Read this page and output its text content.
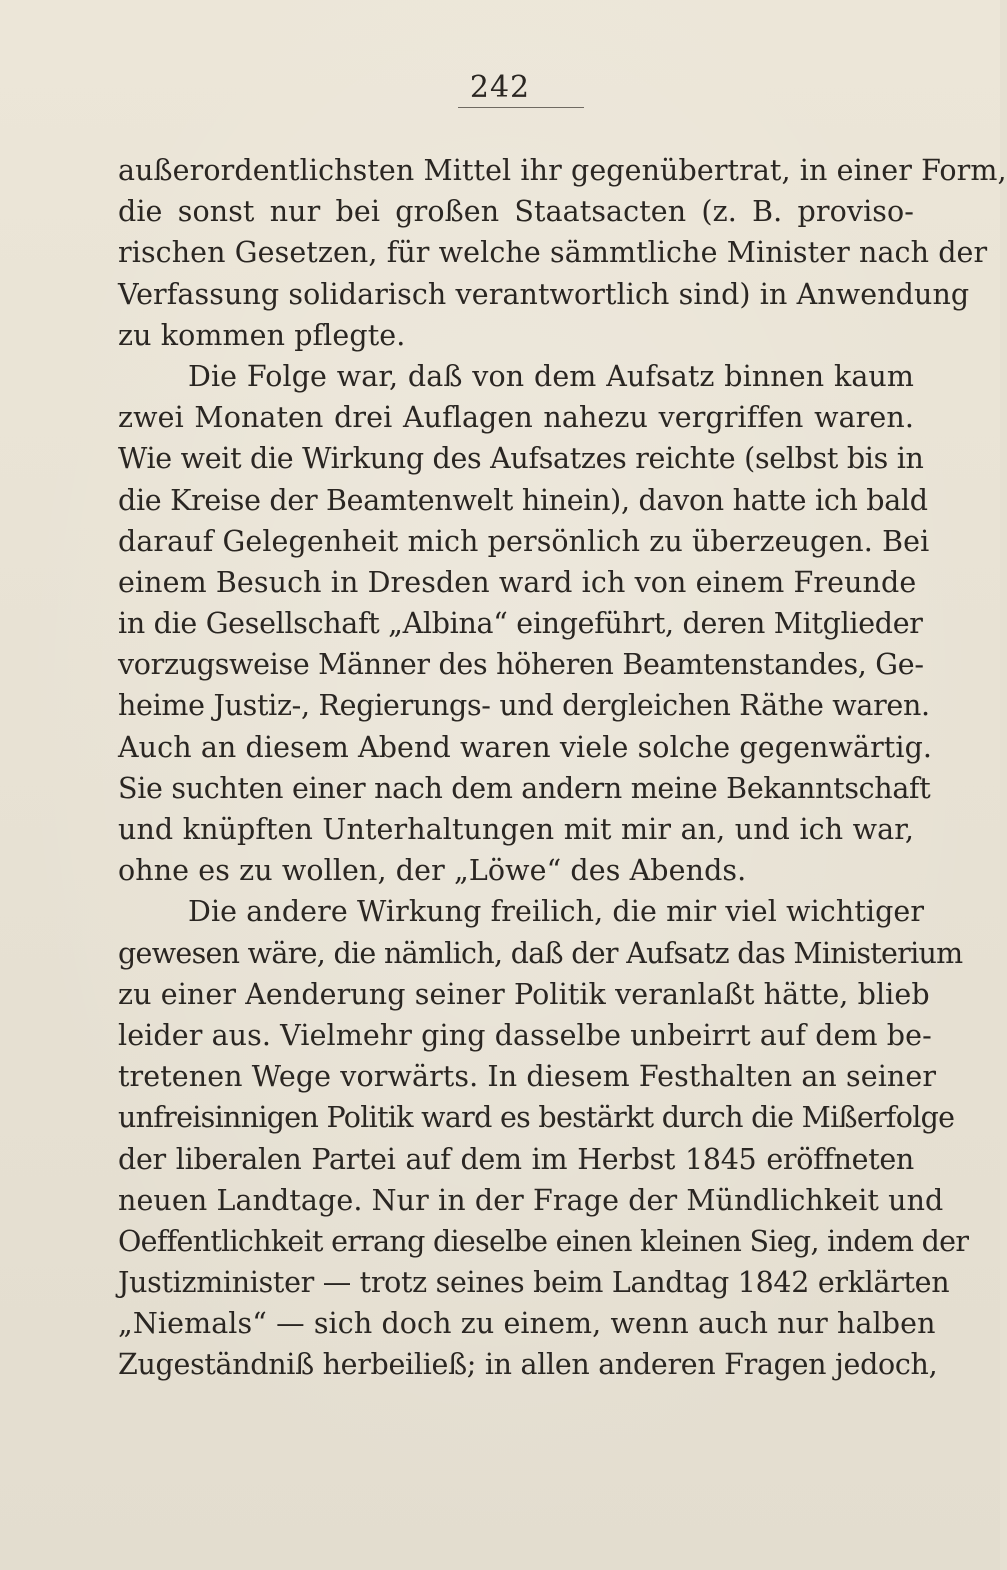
242
außerordentlichsten Mittel ihr gegenübertrat, in einer Form,
die sonst nur bei großen Staatsacten (z. B. proviso-
rischen Gesetzen, für welche sämmtliche Minister nach der
Verfassung solidarisch verantwortlich sind) in Anwendung
zu kommen pflegte.
Die Folge war, daß von dem Aufsatz binnen kaum
zwei Monaten drei Auflagen nahezu vergriffen waren.
Wie weit die Wirkung des Aufsatzes reichte (selbst bis in
die Kreise der Beamtenwelt hinein), davon hatte ich bald
darauf Gelegenheit mich persönlich zu überzeugen. Bei
einem Besuch in Dresden ward ich von einem Freunde
in die Gesellschaft „Albina“ eingeführt, deren Mitglieder
vorzugsweise Männer des höheren Beamtenstandes, Ge-
heime Justiz-, Regierungs- und dergleichen Räthe waren.
Auch an diesem Abend waren viele solche gegenwärtig.
Sie suchten einer nach dem andern meine Bekanntschaft
und knüpften Unterhaltungen mit mir an, und ich war,
ohne es zu wollen, der „Löwe“ des Abends.
Die andere Wirkung freilich, die mir viel wichtiger
gewesen wäre, die nämlich, daß der Aufsatz das Ministerium
zu einer Aenderung seiner Politik veranlaßt hätte, blieb
leider aus. Vielmehr ging dasselbe unbeirrt auf dem be-
tretenen Wege vorwärts. In diesem Festhalten an seiner
unfreisinnigen Politik ward es bestärkt durch die Mißerfolge
der liberalen Partei auf dem im Herbst 1845 eröffneten
neuen Landtage. Nur in der Frage der Mündlichkeit und
Oeffentlichkeit errang dieselbe einen kleinen Sieg, indem der
Justizminister — trotz seines beim Landtag 1842 erklärten
„Niemals“ — sich doch zu einem, wenn auch nur halben
Zugeständniß herbeiließ; in allen anderen Fragen jedoch,
